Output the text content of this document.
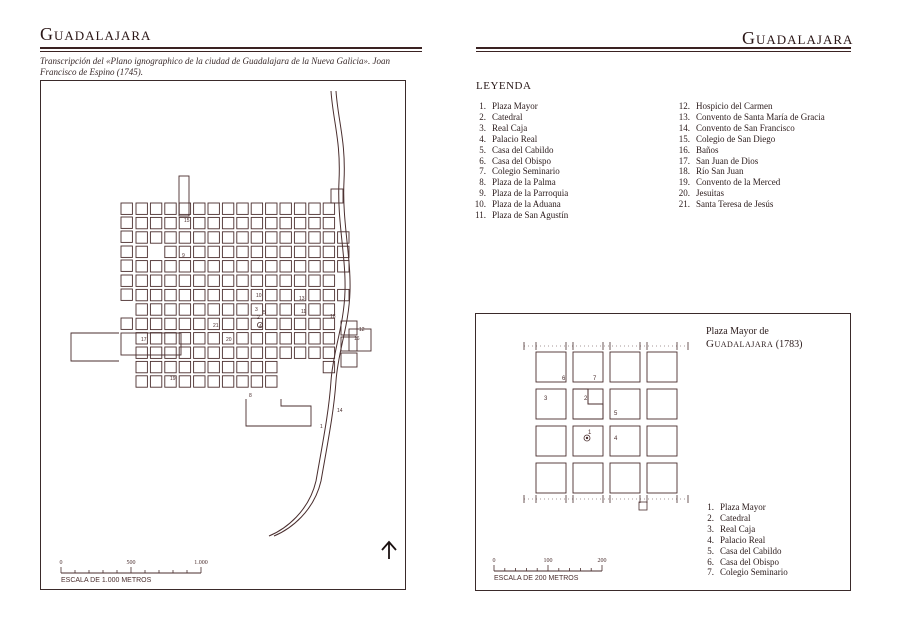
Guadalajara
Transcripción del «Plano ignographico de la ciudad de Guadalajara de la Nueva Galicia». Joan Francisco de Espino (1745).
15
9
19
10	13
3
2
4
11
21
20
18
12
16
17
8
14
1
5
0	500	1.000
ESCALA DE 1.000 METROS
Guadalajara
LEYENDA
1. Plaza Mayor
2. Catedral
3. Real Caja
4. Palacio Real
5. Casa del Cabildo
6. Casa del Obispo
7. Colegio Seminario
8. Plaza de la Palma
9. Plaza de la Parroquia
10. Plaza de la Aduana
11. Plaza de San Agustín
12. Hospicio del Carmen
13. Convento de Santa María de Gracia
14. Convento de San Francisco
15. Colegio de San Diego
16. Baños
17. San Juan de Dios
18. Río San Juan
19. Convento de la Merced
20. Jesuitas
21. Santa Teresa de Jesús
6	7
3	2
5
1
4
0	100	200
ESCALA DE 200 METROS
Plaza Mayor de
Guadalajara (1783)
1. Plaza Mayor
2. Catedral
3. Real Caja
4. Palacio Real
5. Casa del Cabildo
6. Casa del Obispo
7. Colegio Seminario
